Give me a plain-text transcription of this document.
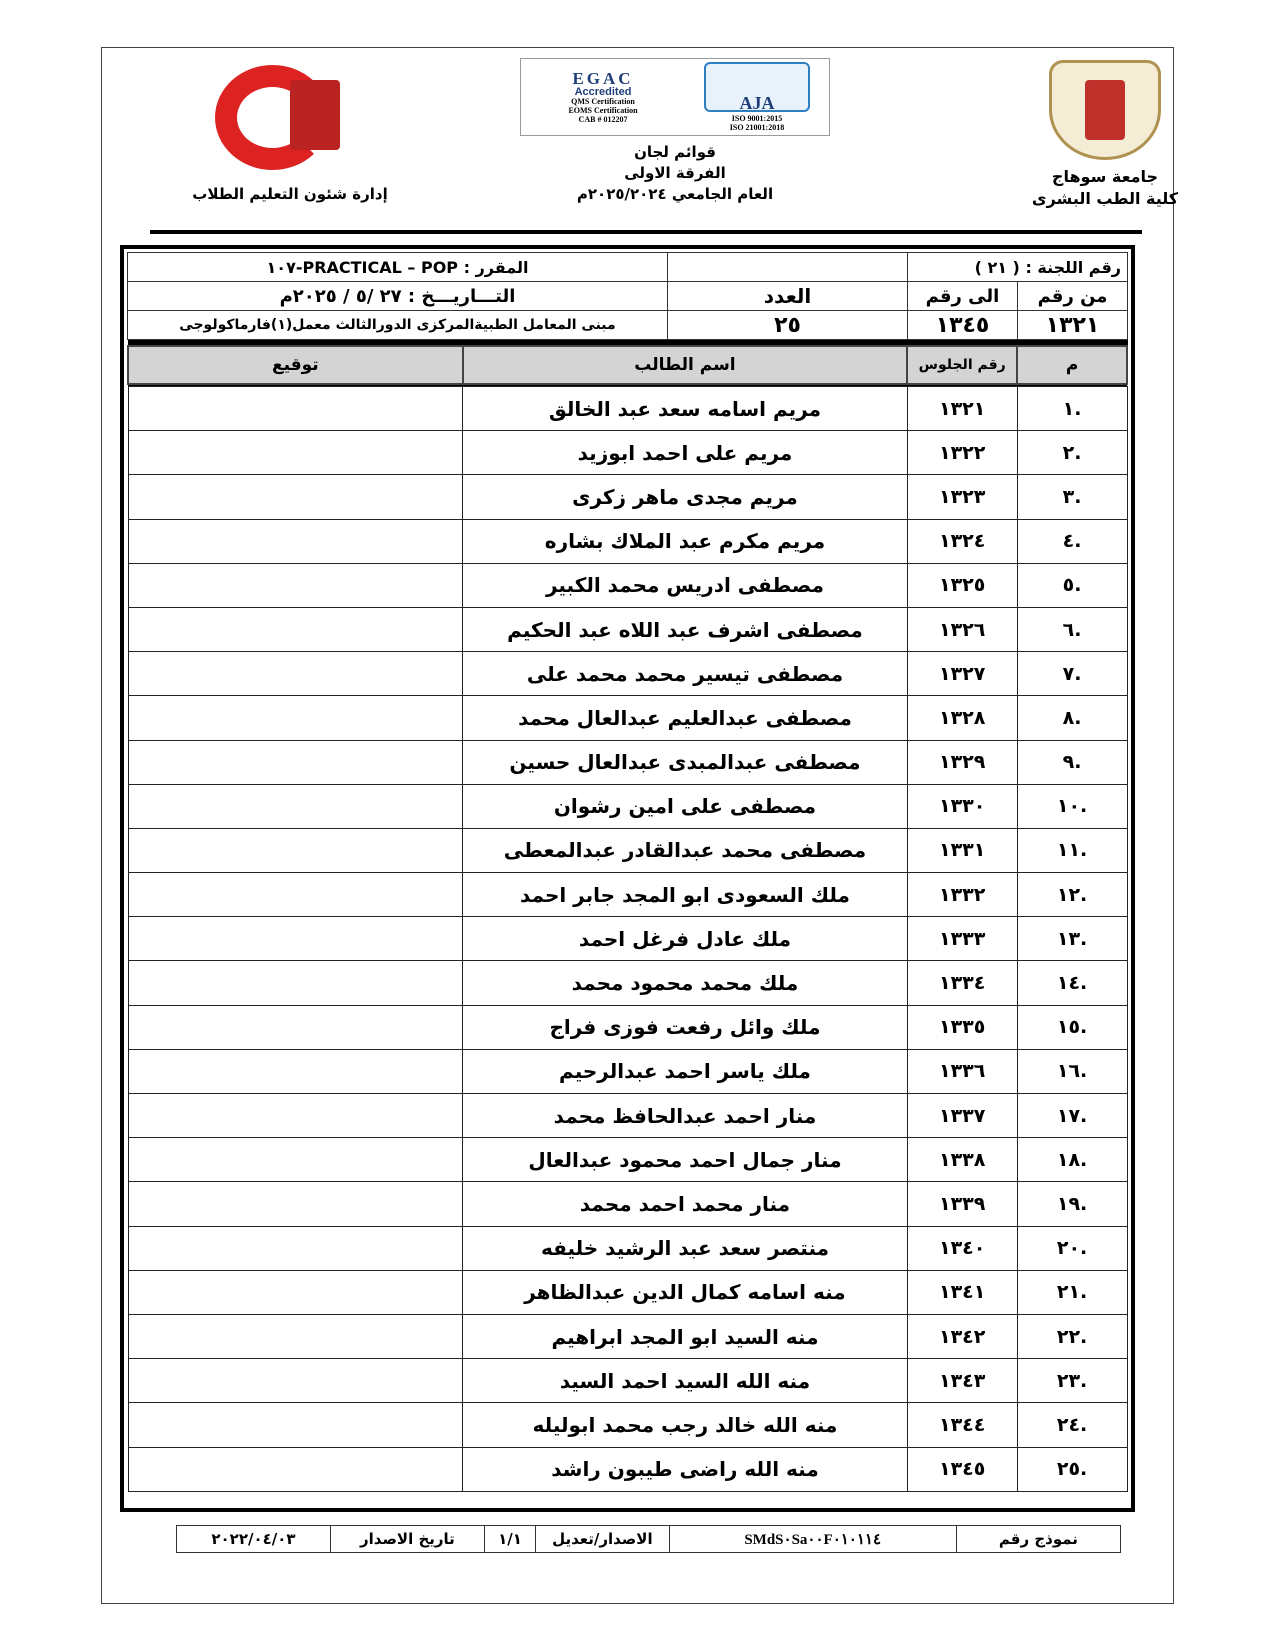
جامعة سوهاج
كلية الطب البشرى
EGAC
Accredited
QMS Certification
EOMS Certification
CAB # 012207
AJA
ISO 9001:2015
ISO 21001:2018
قوائم لجان
الفرقة الاولى
العام الجامعي ٢٠٢٥/٢٠٢٤م
إدارة شئون التعليم الطلاب
رقم اللجنة : ( ٢١ )			المقرر : PRACTICAL – POP-١٠٧
من رقم	الى رقم	العدد	التـــاريـــخ : ٢٧ /٥ / ٢٠٢٥م
١٣٢١	١٣٤٥	٢٥	مبنى المعامل الطبيةالمركزى الدورالثالث معمل(١)فارماكولوجى

م	رقم الجلوس	اسم الطالب	توقيع

.١	١٣٢١	مريم اسامه سعد عبد الخالق	
.٢	١٣٢٢	مريم على احمد ابوزيد	
.٣	١٣٢٣	مريم مجدى ماهر زكرى	
.٤	١٣٢٤	مريم مكرم عبد الملاك بشاره	
.٥	١٣٢٥	مصطفى ادريس محمد الكبير	
.٦	١٣٢٦	مصطفى اشرف عبد اللاه عبد الحكيم	
.٧	١٣٢٧	مصطفى تيسير محمد محمد على	
.٨	١٣٢٨	مصطفى عبدالعليم عبدالعال محمد	
.٩	١٣٢٩	مصطفى عبدالمبدى عبدالعال حسين	
.١٠	١٣٣٠	مصطفى على امين رشوان	
.١١	١٣٣١	مصطفى محمد عبدالقادر عبدالمعطى	
.١٢	١٣٣٢	ملك السعودى ابو المجد جابر احمد	
.١٣	١٣٣٣	ملك عادل فرغل احمد	
.١٤	١٣٣٤	ملك محمد محمود محمد	
.١٥	١٣٣٥	ملك وائل رفعت فوزى فراج	
.١٦	١٣٣٦	ملك ياسر احمد عبدالرحيم	
.١٧	١٣٣٧	منار احمد عبدالحافظ محمد	
.١٨	١٣٣٨	منار جمال احمد محمود عبدالعال	
.١٩	١٣٣٩	منار محمد احمد محمد	
.٢٠	١٣٤٠	منتصر سعد عبد الرشيد خليفه	
.٢١	١٣٤١	منه اسامه كمال الدين عبدالظاهر	
.٢٢	١٣٤٢	منه السيد ابو المجد ابراهيم	
.٢٣	١٣٤٣	منه الله السيد احمد السيد	
.٢٤	١٣٤٤	منه الله خالد رجب محمد ابوليله	
.٢٥	١٣٤٥	منه الله راضى طيبون راشد	
نموذج رقم	SMdS٠Sa٠٠F٠١٠١١٤	الاصدار/تعديل	١/١	تاريخ الاصدار	٢٠٢٢/٠٤/٠٣
